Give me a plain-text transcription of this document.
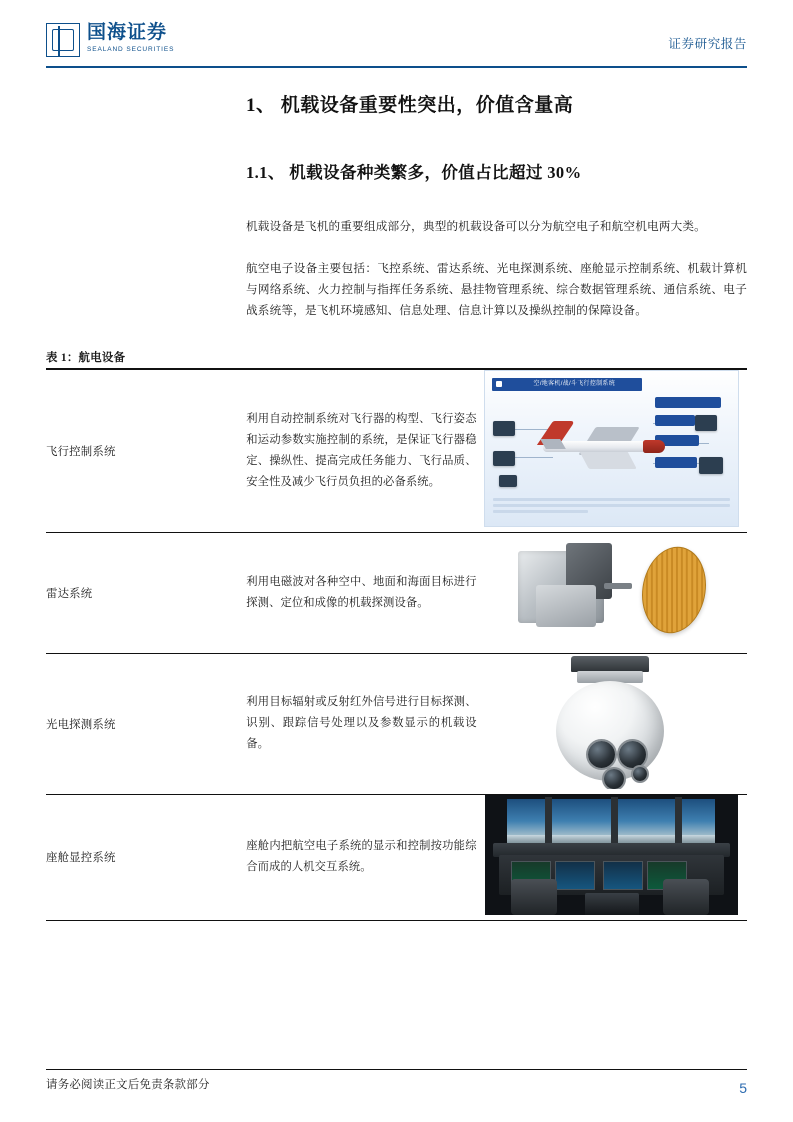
国海证券
SEALAND SECURITIES	证券研究报告
1、 机载设备重要性突出，价值含量高
1.1、 机载设备种类繁多，价值占比超过 30%

机载设备是飞机的重要组成部分，典型的机载设备可以分为航空电子和航空机电两大类。

航空电子设备主要包括：飞控系统、雷达系统、光电探测系统、座舱显示控制系统、机载计算机与网络系统、火力控制与指挥任务系统、悬挂物管理系统、综合数据管理系统、通信系统、电子战系统等，是飞机环境感知、信息处理、信息计算以及操纵控制的保障设备。

表 1：航电设备
飞行控制系统	利用自动控制系统对飞行器的构型、飞行姿态和运动参数实施控制的系统，是保证飞行器稳定、操纵性、提高完成任务能力、飞行品质、安全性及减少飞行员负担的必备系统。	空/地客机/战/斗飞行控制系统

雷达系统	利用电磁波对各种空中、地面和海面目标进行探测、定位和成像的机载探测设备。	

光电探测系统	利用目标辐射或反射红外信号进行目标探测、识别、跟踪信号处理以及参数显示的机载设备。	

座舱显控系统	座舱内把航空电子系统的显示和控制按功能综合而成的人机交互系统。	
请务必阅读正文后免责条款部分	5
